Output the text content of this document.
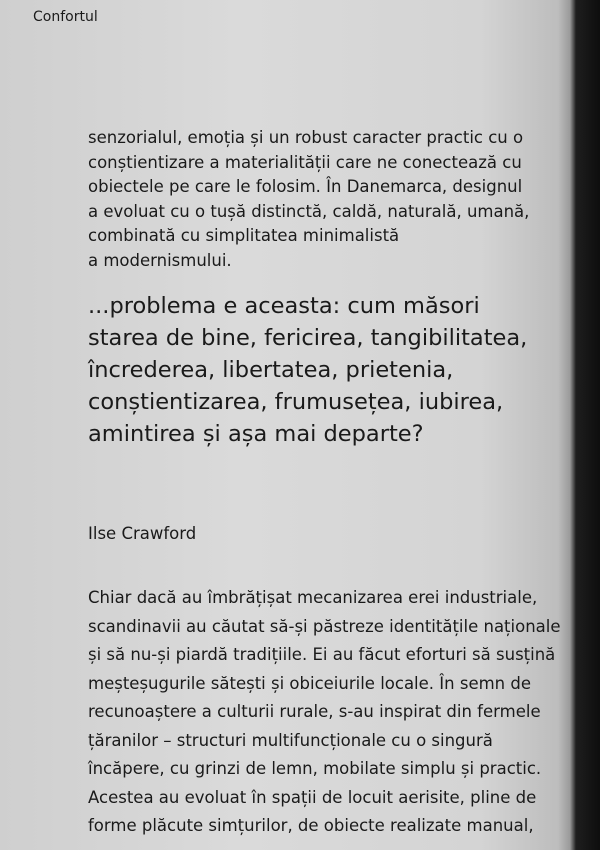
Confortul
senzorialul, emoția și un robust caracter practic cu o
conștientizare a materialității care ne conectează cu
obiectele pe care le folosim. În Danemarca, designul
a evoluat cu o tușă distinctă, caldă, naturală, umană,
combinată cu simplitatea minimalistă
a modernismului.
...problema e aceasta: cum măsori
starea de bine, fericirea, tangibilitatea,
încrederea, libertatea, prietenia,
conștientizarea, frumusețea, iubirea,
amintirea și așa mai departe?
Ilse Crawford
Chiar dacă au îmbrățișat mecanizarea erei industriale,
scandinavii au căutat să-și păstreze identitățile naționale
și să nu-și piardă tradițiile. Ei au făcut eforturi să susțină
meșteșugurile sătești și obiceiurile locale. În semn de
recunoaștere a culturii rurale, s-au inspirat din fermele
țăranilor – structuri multifuncționale cu o singură
încăpere, cu grinzi de lemn, mobilate simplu și practic.
Acestea au evoluat în spații de locuit aerisite, pline de
forme plăcute simțurilor, de obiecte realizate manual,
